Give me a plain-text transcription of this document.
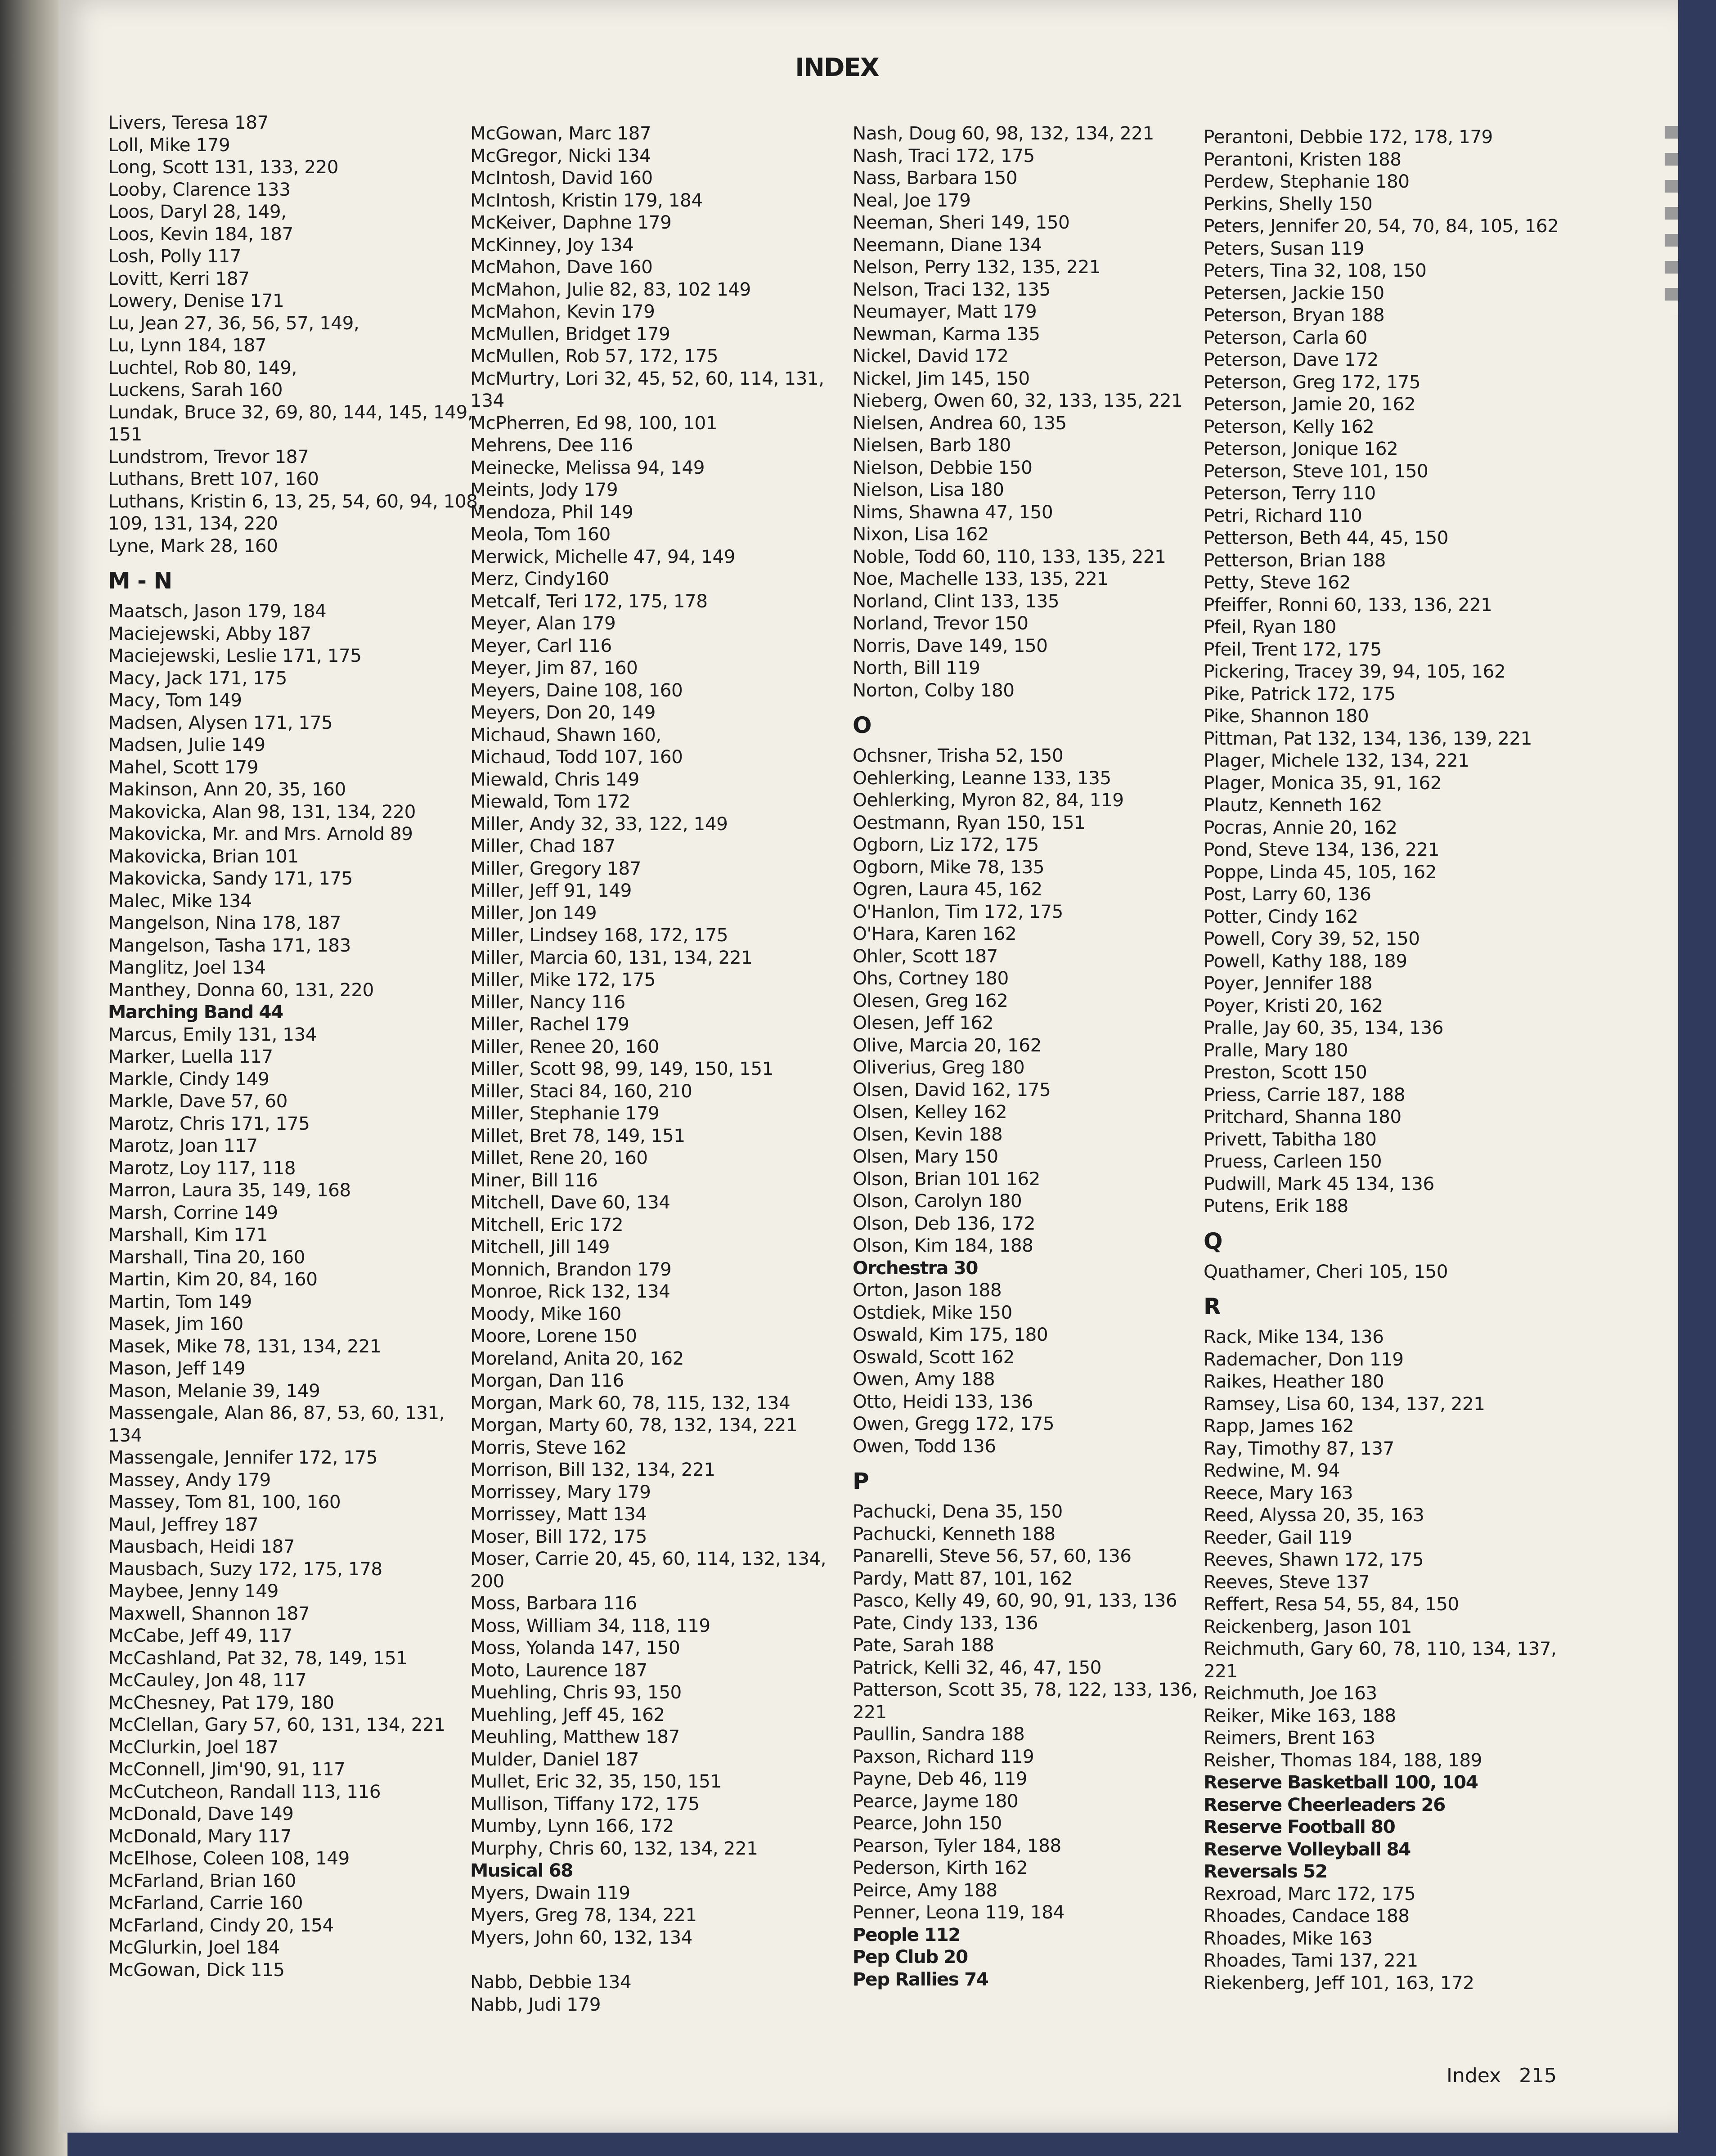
INDEX
Livers, Teresa 187
Loll, Mike 179
Long, Scott 131, 133, 220
Looby, Clarence 133
Loos, Daryl 28, 149,
Loos, Kevin 184, 187
Losh, Polly 117
Lovitt, Kerri 187
Lowery, Denise 171
Lu, Jean 27, 36, 56, 57, 149,
Lu, Lynn 184, 187
Luchtel, Rob 80, 149,
Luckens, Sarah 160
Lundak, Bruce 32, 69, 80, 144, 145, 149,
151
Lundstrom, Trevor 187
Luthans, Brett 107, 160
Luthans, Kristin 6, 13, 25, 54, 60, 94, 108,
109, 131, 134, 220
Lyne, Mark 28, 160
M - N
Maatsch, Jason 179, 184
Maciejewski, Abby 187
Maciejewski, Leslie 171, 175
Macy, Jack 171, 175
Macy, Tom 149
Madsen, Alysen 171, 175
Madsen, Julie 149
Mahel, Scott 179
Makinson, Ann 20, 35, 160
Makovicka, Alan 98, 131, 134, 220
Makovicka, Mr. and Mrs. Arnold 89
Makovicka, Brian 101
Makovicka, Sandy 171, 175
Malec, Mike 134
Mangelson, Nina 178, 187
Mangelson, Tasha 171, 183
Manglitz, Joel 134
Manthey, Donna 60, 131, 220
Marching Band 44
Marcus, Emily 131, 134
Marker, Luella 117
Markle, Cindy 149
Markle, Dave 57, 60
Marotz, Chris 171, 175
Marotz, Joan 117
Marotz, Loy 117, 118
Marron, Laura 35, 149, 168
Marsh, Corrine 149
Marshall, Kim 171
Marshall, Tina 20, 160
Martin, Kim 20, 84, 160
Martin, Tom 149
Masek, Jim 160
Masek, Mike 78, 131, 134, 221
Mason, Jeff 149
Mason, Melanie 39, 149
Massengale, Alan 86, 87, 53, 60, 131,
134
Massengale, Jennifer 172, 175
Massey, Andy 179
Massey, Tom 81, 100, 160
Maul, Jeffrey 187
Mausbach, Heidi 187
Mausbach, Suzy 172, 175, 178
Maybee, Jenny 149
Maxwell, Shannon 187
McCabe, Jeff 49, 117
McCashland, Pat 32, 78, 149, 151
McCauley, Jon 48, 117
McChesney, Pat 179, 180
McClellan, Gary 57, 60, 131, 134, 221
McClurkin, Joel 187
McConnell, Jim'90, 91, 117
McCutcheon, Randall 113, 116
McDonald, Dave 149
McDonald, Mary 117
McElhose, Coleen 108, 149
McFarland, Brian 160
McFarland, Carrie 160
McFarland, Cindy 20, 154
McGlurkin, Joel 184
McGowan, Dick 115
McGowan, Marc 187
McGregor, Nicki 134
McIntosh, David 160
McIntosh, Kristin 179, 184
McKeiver, Daphne 179
McKinney, Joy 134
McMahon, Dave 160
McMahon, Julie 82, 83, 102 149
McMahon, Kevin 179
McMullen, Bridget 179
McMullen, Rob 57, 172, 175
McMurtry, Lori 32, 45, 52, 60, 114, 131,
134
McPherren, Ed 98, 100, 101
Mehrens, Dee 116
Meinecke, Melissa 94, 149
Meints, Jody 179
Mendoza, Phil 149
Meola, Tom 160
Merwick, Michelle 47, 94, 149
Merz, Cindy160
Metcalf, Teri 172, 175, 178
Meyer, Alan 179
Meyer, Carl 116
Meyer, Jim 87, 160
Meyers, Daine 108, 160
Meyers, Don 20, 149
Michaud, Shawn 160,
Michaud, Todd 107, 160
Miewald, Chris 149
Miewald, Tom 172
Miller, Andy 32, 33, 122, 149
Miller, Chad 187
Miller, Gregory 187
Miller, Jeff 91, 149
Miller, Jon 149
Miller, Lindsey 168, 172, 175
Miller, Marcia 60, 131, 134, 221
Miller, Mike 172, 175
Miller, Nancy 116
Miller, Rachel 179
Miller, Renee 20, 160
Miller, Scott 98, 99, 149, 150, 151
Miller, Staci 84, 160, 210
Miller, Stephanie 179
Millet, Bret 78, 149, 151
Millet, Rene 20, 160
Miner, Bill 116
Mitchell, Dave 60, 134
Mitchell, Eric 172
Mitchell, Jill 149
Monnich, Brandon 179
Monroe, Rick 132, 134
Moody, Mike 160
Moore, Lorene 150
Moreland, Anita 20, 162
Morgan, Dan 116
Morgan, Mark 60, 78, 115, 132, 134
Morgan, Marty 60, 78, 132, 134, 221
Morris, Steve 162
Morrison, Bill 132, 134, 221
Morrissey, Mary 179
Morrissey, Matt 134
Moser, Bill 172, 175
Moser, Carrie 20, 45, 60, 114, 132, 134,
200
Moss, Barbara 116
Moss, William 34, 118, 119
Moss, Yolanda 147, 150
Moto, Laurence 187
Muehling, Chris 93, 150
Muehling, Jeff 45, 162
Meuhling, Matthew 187
Mulder, Daniel 187
Mullet, Eric 32, 35, 150, 151
Mullison, Tiffany 172, 175
Mumby, Lynn 166, 172
Murphy, Chris 60, 132, 134, 221
Musical 68
Myers, Dwain 119
Myers, Greg 78, 134, 221
Myers, John 60, 132, 134
Nabb, Debbie 134
Nabb, Judi 179
Nash, Doug 60, 98, 132, 134, 221
Nash, Traci 172, 175
Nass, Barbara 150
Neal, Joe 179
Neeman, Sheri 149, 150
Neemann, Diane 134
Nelson, Perry 132, 135, 221
Nelson, Traci 132, 135
Neumayer, Matt 179
Newman, Karma 135
Nickel, David 172
Nickel, Jim 145, 150
Nieberg, Owen 60, 32, 133, 135, 221
Nielsen, Andrea 60, 135
Nielsen, Barb 180
Nielson, Debbie 150
Nielson, Lisa 180
Nims, Shawna 47, 150
Nixon, Lisa 162
Noble, Todd 60, 110, 133, 135, 221
Noe, Machelle 133, 135, 221
Norland, Clint 133, 135
Norland, Trevor 150
Norris, Dave 149, 150
North, Bill 119
Norton, Colby 180
O
Ochsner, Trisha 52, 150
Oehlerking, Leanne 133, 135
Oehlerking, Myron 82, 84, 119
Oestmann, Ryan 150, 151
Ogborn, Liz 172, 175
Ogborn, Mike 78, 135
Ogren, Laura 45, 162
O'Hanlon, Tim 172, 175
O'Hara, Karen 162
Ohler, Scott 187
Ohs, Cortney 180
Olesen, Greg 162
Olesen, Jeff 162
Olive, Marcia 20, 162
Oliverius, Greg 180
Olsen, David 162, 175
Olsen, Kelley 162
Olsen, Kevin 188
Olsen, Mary 150
Olson, Brian 101 162
Olson, Carolyn 180
Olson, Deb 136, 172
Olson, Kim 184, 188
Orchestra 30
Orton, Jason 188
Ostdiek, Mike 150
Oswald, Kim 175, 180
Oswald, Scott 162
Owen, Amy 188
Otto, Heidi 133, 136
Owen, Gregg 172, 175
Owen, Todd 136
P
Pachucki, Dena 35, 150
Pachucki, Kenneth 188
Panarelli, Steve 56, 57, 60, 136
Pardy, Matt 87, 101, 162
Pasco, Kelly 49, 60, 90, 91, 133, 136
Pate, Cindy 133, 136
Pate, Sarah 188
Patrick, Kelli 32, 46, 47, 150
Patterson, Scott 35, 78, 122, 133, 136,
221
Paullin, Sandra 188
Paxson, Richard 119
Payne, Deb 46, 119
Pearce, Jayme 180
Pearce, John 150
Pearson, Tyler 184, 188
Pederson, Kirth 162
Peirce, Amy 188
Penner, Leona 119, 184
People 112
Pep Club 20
Pep Rallies 74
Perantoni, Debbie 172, 178, 179
Perantoni, Kristen 188
Perdew, Stephanie 180
Perkins, Shelly 150
Peters, Jennifer 20, 54, 70, 84, 105, 162
Peters, Susan 119
Peters, Tina 32, 108, 150
Petersen, Jackie 150
Peterson, Bryan 188
Peterson, Carla 60
Peterson, Dave 172
Peterson, Greg 172, 175
Peterson, Jamie 20, 162
Peterson, Kelly 162
Peterson, Jonique 162
Peterson, Steve 101, 150
Peterson, Terry 110
Petri, Richard 110
Petterson, Beth 44, 45, 150
Petterson, Brian 188
Petty, Steve 162
Pfeiffer, Ronni 60, 133, 136, 221
Pfeil, Ryan 180
Pfeil, Trent 172, 175
Pickering, Tracey 39, 94, 105, 162
Pike, Patrick 172, 175
Pike, Shannon 180
Pittman, Pat 132, 134, 136, 139, 221
Plager, Michele 132, 134, 221
Plager, Monica 35, 91, 162
Plautz, Kenneth 162
Pocras, Annie 20, 162
Pond, Steve 134, 136, 221
Poppe, Linda 45, 105, 162
Post, Larry 60, 136
Potter, Cindy 162
Powell, Cory 39, 52, 150
Powell, Kathy 188, 189
Poyer, Jennifer 188
Poyer, Kristi 20, 162
Pralle, Jay 60, 35, 134, 136
Pralle, Mary 180
Preston, Scott 150
Priess, Carrie 187, 188
Pritchard, Shanna 180
Privett, Tabitha 180
Pruess, Carleen 150
Pudwill, Mark 45 134, 136
Putens, Erik 188
Q
Quathamer, Cheri 105, 150
R
Rack, Mike 134, 136
Rademacher, Don 119
Raikes, Heather 180
Ramsey, Lisa 60, 134, 137, 221
Rapp, James 162
Ray, Timothy 87, 137
Redwine, M. 94
Reece, Mary 163
Reed, Alyssa 20, 35, 163
Reeder, Gail 119
Reeves, Shawn 172, 175
Reeves, Steve 137
Reffert, Resa 54, 55, 84, 150
Reickenberg, Jason 101
Reichmuth, Gary 60, 78, 110, 134, 137,
221
Reichmuth, Joe 163
Reiker, Mike 163, 188
Reimers, Brent 163
Reisher, Thomas 184, 188, 189
Reserve Basketball 100, 104
Reserve Cheerleaders 26
Reserve Football 80
Reserve Volleyball 84
Reversals 52
Rexroad, Marc 172, 175
Rhoades, Candace 188
Rhoades, Mike 163
Rhoades, Tami 137, 221
Riekenberg, Jeff 101, 163, 172
Index 215
